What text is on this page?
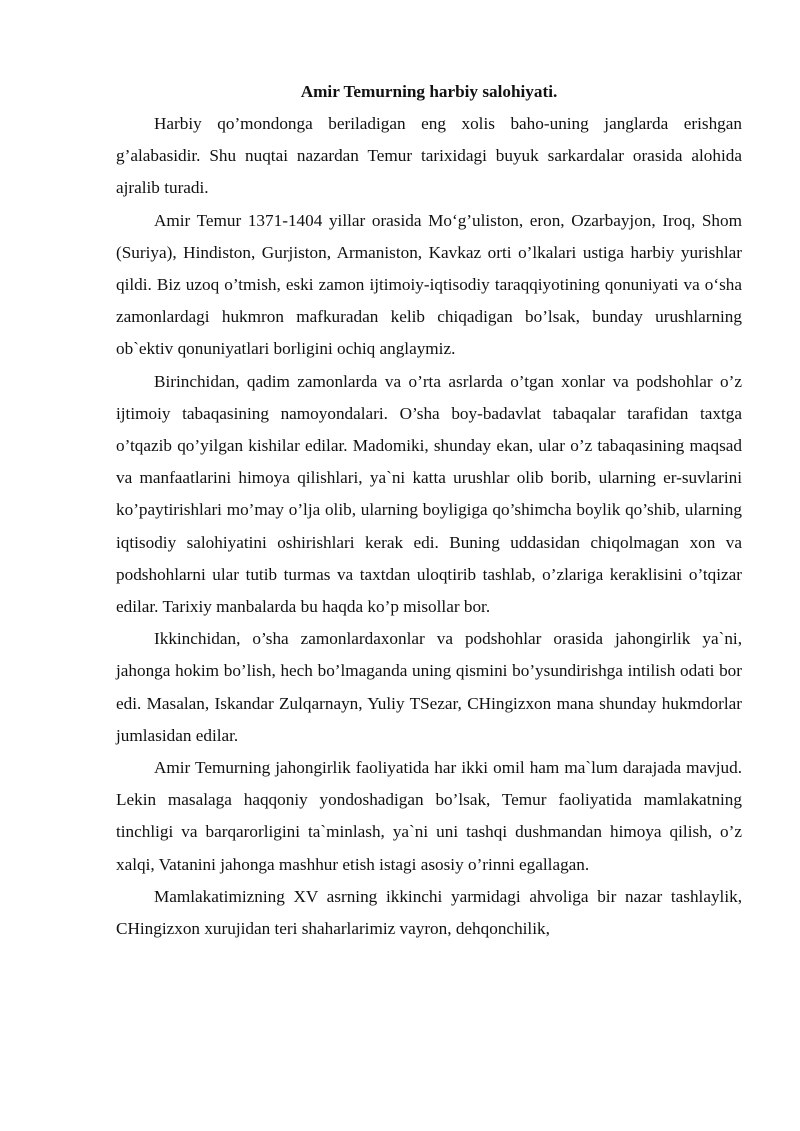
Amir Temurning harbiy salohiyati.

Harbiy qo’mondonga beriladigan eng xolis baho-uning janglarda erishgan g’alabasidir. Shu nuqtai nazardan Temur tarixidagi buyuk sarkardalar orasida alohida ajralib turadi.

Amir Temur 1371-1404 yillar orasida Mo‘g’uliston, eron, Ozarbayjon, Iroq, Shom (Suriya), Hindiston, Gurjiston, Armaniston, Kavkaz orti o’lkalari ustiga harbiy yurishlar qildi. Biz uzoq o’tmish, eski zamon ijtimoiy-iqtisodiy taraqqiyotining qonuniyati va o‘sha zamonlardagi hukmron mafkuradan kelib chiqadigan bo’lsak, bunday urushlarning ob`ektiv qonuniyatlari borligini ochiq anglaymiz.

Birinchidan, qadim zamonlarda va o’rta asrlarda o’tgan xonlar va podshohlar o’z ijtimoiy tabaqasining namoyondalari. O’sha boy-badavlat tabaqalar tarafidan taxtga o’tqazib qo’yilgan kishilar edilar. Madomiki, shunday ekan, ular o’z tabaqasining maqsad va manfaatlarini himoya qilishlari, ya`ni katta urushlar olib borib, ularning er-suvlarini ko’paytirishlari mo’may o’lja olib, ularning boyligiga qo’shimcha boylik qo’shib, ularning iqtisodiy salohiyatini oshirishlari kerak edi. Buning uddasidan chiqolmagan xon va podshohlarni ular tutib turmas va taxtdan uloqtirib tashlab, o’zlariga keraklisini o’tqizar edilar. Tarixiy manbalarda bu haqda ko’p misollar bor.

Ikkinchidan, o’sha zamonlardaxonlar va podshohlar orasida jahongirlik ya`ni, jahonga hokim bo’lish, hech bo’lmaganda uning qismini bo’ysundirishga intilish odati bor edi. Masalan, Iskandar Zulqarnayn, Yuliy TSezar, CHingizxon mana shunday hukmdorlar jumlasidan edilar.

Amir Temurning jahongirlik faoliyatida har ikki omil ham ma`lum darajada mavjud. Lekin masalaga haqqoniy yondoshadigan bo’lsak, Temur faoliyatida mamlakatning tinchligi va barqarorligini ta`minlash, ya`ni uni tashqi dushmandan himoya qilish, o’z xalqi, Vatanini jahonga mashhur etish istagi asosiy o’rinni egallagan.

Mamlakatimizning XV asrning ikkinchi yarmidagi ahvoliga bir nazar tashlaylik, CHingizxon xurujidan teri shaharlarimiz vayron, dehqonchilik,
